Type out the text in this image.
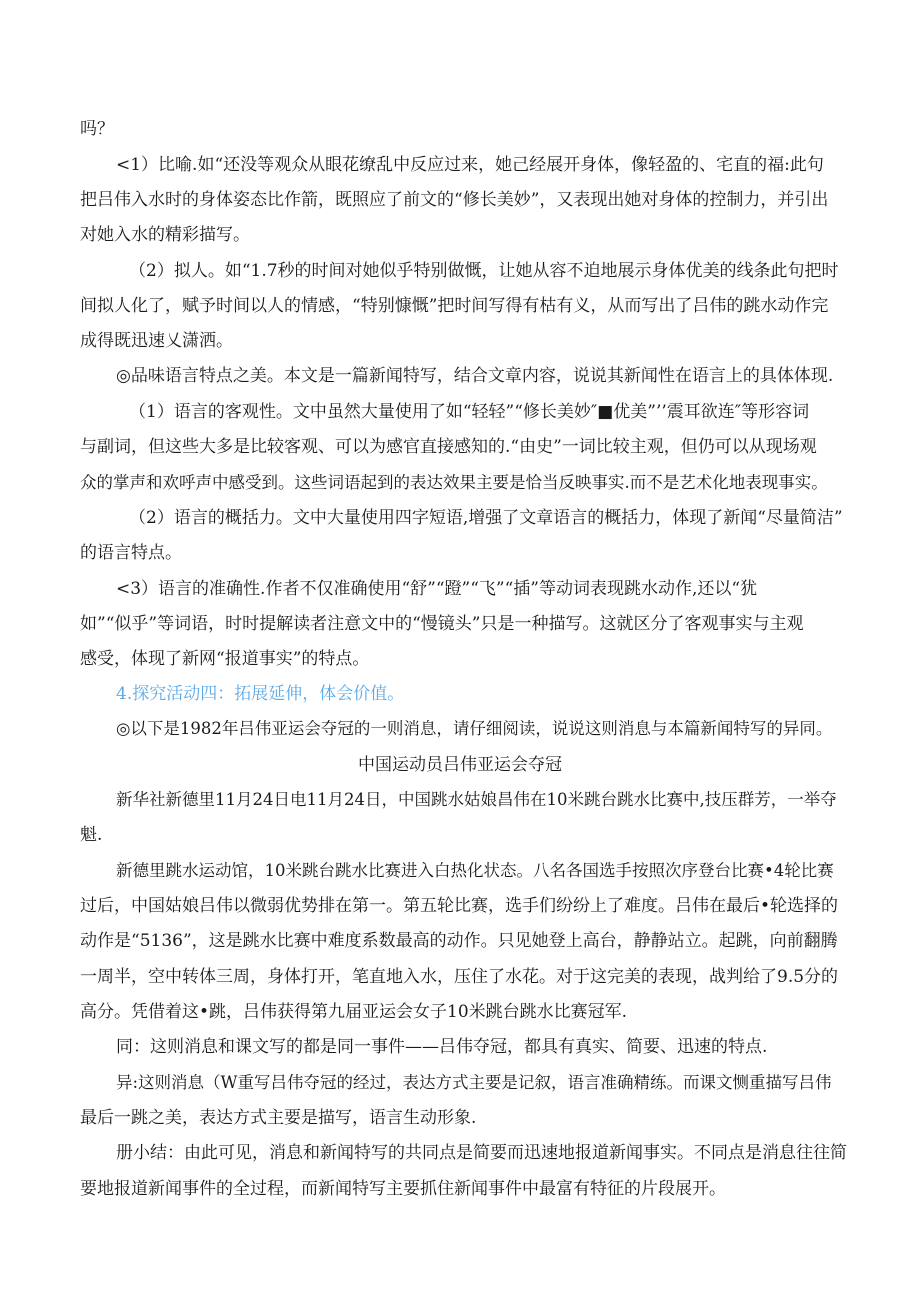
吗？
<1）比喻.如“还没等观众从眼花缭乱中反应过来，她己经展开身体，像轻盈的、宅直的福:此句
把吕伟入水时的身体姿态比作箭，既照应了前文的“修长美妙”，又表现出她对身体的控制力，并引出
对她入水的精彩描写。
（2）拟人。如“1.7秒的时间对她似乎特别做慨，让她从容不迫地展示身体优美的线条此句把时
间拟人化了，赋予时间以人的情感，“特别慷慨”把时间写得有枯有义，从而写出了吕伟的跳水动作完
成得既迅速乂潇洒。
◎品味语言特点之美。本文是一篇新闻特写，结合文章内容，说说其新闻性在语言上的具体体现.
（1）语言的客观性。文中虽然大量使用了如“轻轻”“修长美妙″■优美”’’震耳欲连″等形容词
与副词，但这些大多是比较客观、可以为感官直接感知的.“由史”一词比较主观，但仍可以从现场观
众的掌声和欢呼声中感受到。这些词语起到的表达效果主要是恰当反映事实.而不是艺术化地表现事实。
（2）语言的概括力。文中大量使用四字短语,增强了文章语言的概括力，体现了新闻“尽量简洁”
的语言特点。
<3）语言的准确性.作者不仅准确使用“舒”“蹬”“飞”“插”等动词表现跳水动作,还以“犹
如”“似乎”等词语，时时提解读者注意文中的“慢镜头”只是一种描写。这就区分了客观事实与主观
感受，体现了新网“报道事实”的特点。
4.探究活动四：拓展延伸，体会价值。
◎以下是1982年吕伟亚运会夺冠的一则消息，请仔细阅读，说说这则消息与本篇新闻特写的异同。
中国运动员吕伟亚运会夺冠
新华社新德里11月24日电11月24日，中国跳水姑娘昌伟在10米跳台跳水比赛中,技压群芳，一举夺
魁.
新德里跳水运动馆，10米跳台跳水比赛进入白热化状态。八名各国选手按照次序登台比赛•4轮比赛
过后，中国姑娘吕伟以微弱优势排在第一。第五轮比赛，选手们纷纷上了难度。吕伟在最后•轮选择的
动作是“5136”，这是跳水比赛中难度系数最高的动作。只见她登上高台，静静站立。起跳，向前翻腾
一周半，空中转体三周，身体打开，笔直地入水，压住了水花。对于这完美的表现，战判给了9.5分的
高分。凭借着这•跳，吕伟获得第九届亚运会女子10米跳台跳水比赛冠军.
同：这则消息和课文写的都是同一事件——吕伟夺冠，都具有真实、简要、迅速的特点.
异:这则消息（W重写吕伟夺冠的经过，表达方式主要是记叙，语言准确精练。而课文恻重描写吕伟
最后一跳之美，表达方式主要是描写，语言生动形象.
册小结：由此可见，消息和新闻特写的共同点是简要而迅速地报道新闻事实。不同点是消息往往简
要地报道新闻事件的全过程，而新闻特写主要抓住新闻事件中最富有特征的片段展开。
